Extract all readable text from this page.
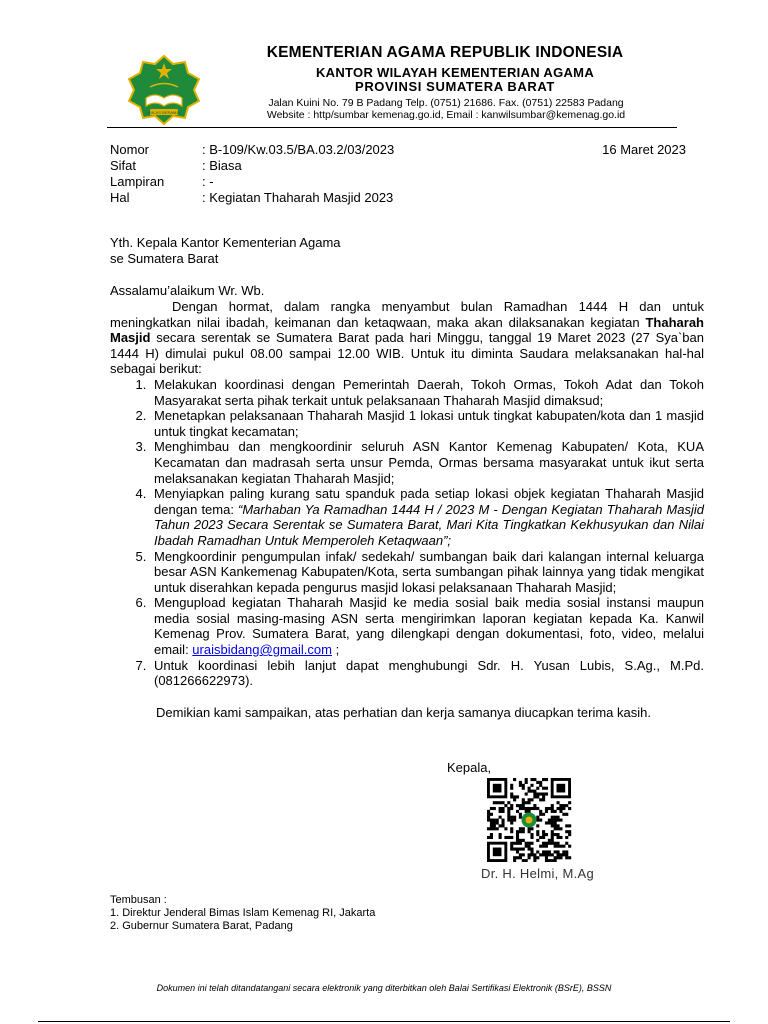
IKHLAS BERAMAL
KEMENTERIAN AGAMA REPUBLIK INDONESIA
KANTOR WILAYAH KEMENTERIAN AGAMA
PROVINSI SUMATERA BARAT
Jalan Kuini No. 79 B Padang Telp. (0751) 21686. Fax. (0751) 22583 Padang
Website : http/sumbar kemenag.go.id, Email : kanwilsumbar@kemenag.go.id
Nomor	: B-109/Kw.03.5/BA.03.2/03/2023
Sifat	: Biasa
Lampiran	: -
Hal	: Kegiatan Thaharah Masjid 2023
16 Maret 2023
Yth. Kepala Kantor Kementerian Agama
se Sumatera Barat
Assalamu’alaikum Wr. Wb.

Dengan hormat, dalam rangka menyambut bulan Ramadhan 1444 H dan untuk meningkatkan nilai ibadah, keimanan dan ketaqwaan, maka akan dilaksanakan kegiatan Thaharah Masjid secara serentak se Sumatera Barat pada hari Minggu, tanggal 19 Maret 2023 (27 Sya`ban 1444 H) dimulai pukul 08.00 sampai 12.00 WIB. Untuk itu diminta Saudara melaksanakan hal-hal sebagai berikut:

1. Melakukan koordinasi dengan Pemerintah Daerah, Tokoh Ormas, Tokoh Adat dan Tokoh Masyarakat serta pihak terkait untuk pelaksanaan Thaharah Masjid dimaksud;
2. Menetapkan pelaksanaan Thaharah Masjid 1 lokasi untuk tingkat kabupaten/kota dan 1 masjid untuk tingkat kecamatan;
3. Menghimbau dan mengkoordinir seluruh ASN Kantor Kemenag Kabupaten/ Kota, KUA Kecamatan dan madrasah serta unsur Pemda, Ormas bersama masyarakat untuk ikut serta melaksanakan kegiatan Thaharah Masjid;
4. Menyiapkan paling kurang satu spanduk pada setiap lokasi objek kegiatan Thaharah Masjid dengan tema: “Marhaban Ya Ramadhan 1444 H / 2023 M - Dengan Kegiatan Thaharah Masjid Tahun 2023 Secara Serentak se Sumatera Barat, Mari Kita Tingkatkan Kekhusyukan dan Nilai Ibadah Ramadhan Untuk Memperoleh Ketaqwaan”;
5. Mengkoordinir pengumpulan infak/ sedekah/ sumbangan baik dari kalangan internal keluarga besar ASN Kankemenag Kabupaten/Kota, serta sumbangan pihak lainnya yang tidak mengikat untuk diserahkan kepada pengurus masjid lokasi pelaksanaan Thaharah Masjid;
6. Mengupload kegiatan Thaharah Masjid ke media sosial baik media sosial instansi maupun media sosial masing-masing ASN serta mengirimkan laporan kegiatan kepada Ka. Kanwil Kemenag Prov. Sumatera Barat, yang dilengkapi dengan dokumentasi, foto, video, melalui email: uraisbidang@gmail.com ;
7. Untuk koordinasi lebih lanjut dapat menghubungi Sdr. H. Yusan Lubis, S.Ag., M.Pd. (081266622973).

Demikian kami sampaikan, atas perhatian dan kerja samanya diucapkan terima kasih.

Kepala,
Dr. H. Helmi, M.Ag
Tembusan :
1. Direktur Jenderal Bimas Islam Kemenag RI, Jakarta
2. Gubernur Sumatera Barat, Padang
Dokumen ini telah ditandatangani secara elektronik yang diterbitkan oleh Balai Sertifikasi Elektronik (BSrE), BSSN
